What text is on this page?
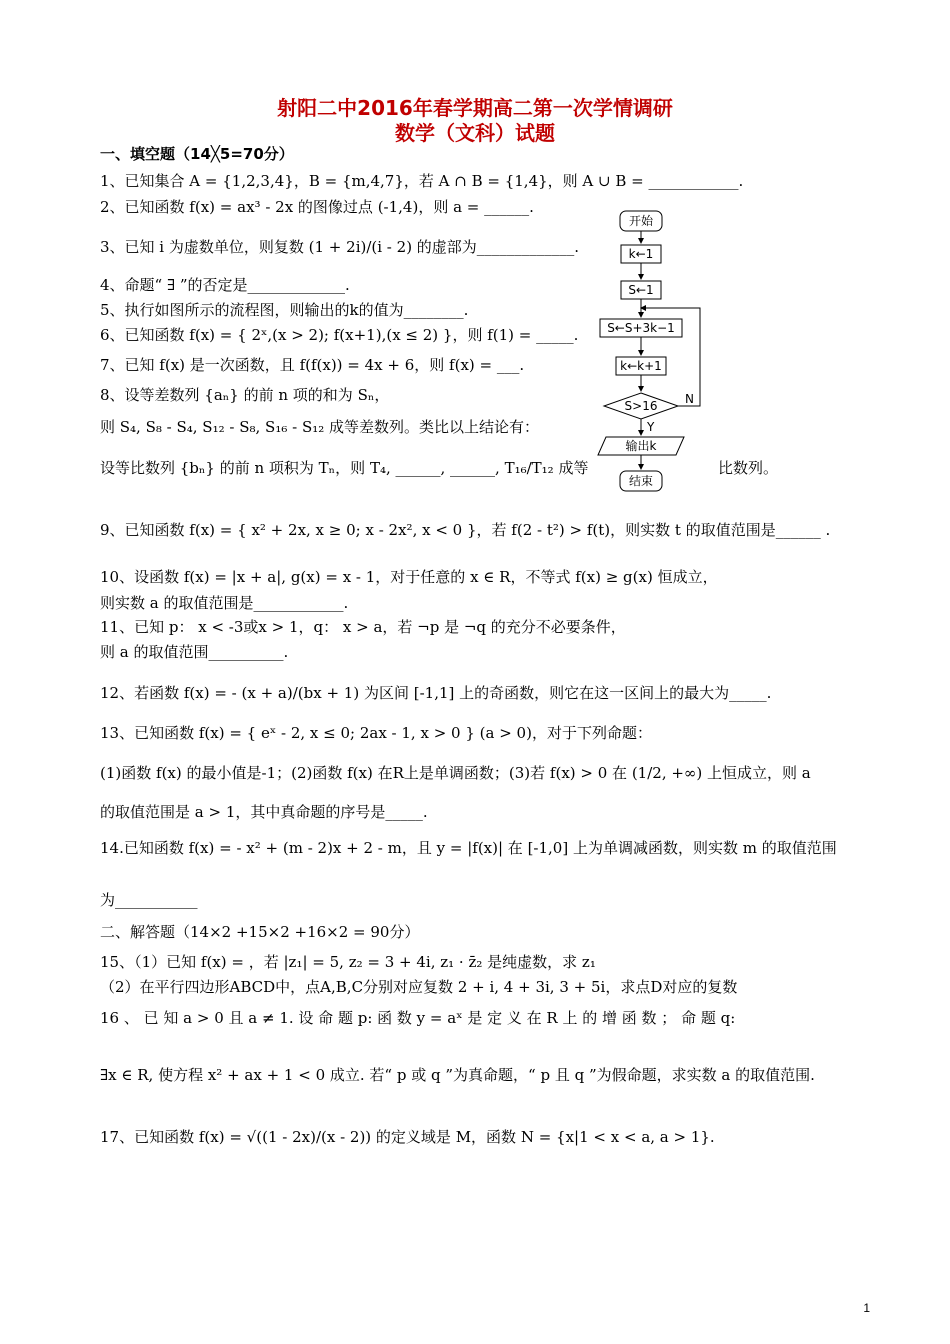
射阳二中2016年春学期高二第一次学情调研
数学（文科）试题
一、填空题（14╳5=70分）
1、已知集合 A = {1,2,3,4}，B = {m,4,7}，若 A ∩ B = {1,4}，则 A ∪ B = ____________.
2、已知函数 f(x) = ax³ - 2x 的图像过点 (-1,4)，则 a = ______.
3、已知 i 为虚数单位，则复数 (1 + 2i)/(i - 2) 的虚部为_____________.
4、命题“ ∃ ”的否定是_____________.
5、执行如图所示的流程图，则输出的k的值为________.
6、已知函数 f(x) = { 2ˣ,(x > 2); f(x+1),(x ≤ 2) }，则 f(1) = _____.
7、已知 f(x) 是一次函数，且 f(f(x)) = 4x + 6，则 f(x) = ___.
8、设等差数列 {aₙ} 的前 n 项的和为 Sₙ，
则 S₄, S₈ - S₄, S₁₂ - S₈, S₁₆ - S₁₂ 成等差数列。类比以上结论有：
设等比数列 {bₙ} 的前 n 项积为 Tₙ，则 T₄, ______, ______, T₁₆/T₁₂ 成等	比数列。
9、已知函数 f(x) = { x² + 2x, x ≥ 0; x - 2x², x < 0 }，若 f(2 - t²) > f(t)，则实数 t 的取值范围是______ .
10、设函数 f(x) = |x + a|, g(x) = x - 1，对于任意的 x ∈ R，不等式 f(x) ≥ g(x) 恒成立，
则实数 a 的取值范围是____________.
11、已知 p： x < -3或x > 1，q： x > a，若 ¬p 是 ¬q 的充分不必要条件，
则 a 的取值范围__________.
12、若函数 f(x) = - (x + a)/(bx + 1) 为区间 [-1,1] 上的奇函数，则它在这一区间上的最大为_____.
13、已知函数 f(x) = { eˣ - 2, x ≤ 0; 2ax - 1, x > 0 } (a > 0)，对于下列命题：
(1)函数 f(x) 的最小值是-1；(2)函数 f(x) 在R上是单调函数；(3)若 f(x) > 0 在 (1/2, +∞) 上恒成立，则 a
的取值范围是 a > 1，其中真命题的序号是_____.
14.已知函数 f(x) = - x² + (m - 2)x + 2 - m，且 y = |f(x)| 在 [-1,0] 上为单调减函数，则实数 m 的取值范围
为___________
二、解答题（14×2 +15×2 +16×2 = 90分）
15、（1）已知 f(x) = ，若 |z₁| = 5, z₂ = 3 + 4i, z₁ · z̄₂ 是纯虚数，求 z₁
（2）在平行四边形ABCD中，点A,B,C分别对应复数 2 + i, 4 + 3i, 3 + 5i，求点D对应的复数
16 、 已 知 a > 0 且 a ≠ 1. 设 命 题 p: 函 数 y = aˣ 是 定 义 在 R 上 的 增 函 数 ； 命 题 q:
∃x ∈ R, 使方程 x² + ax + 1 < 0 成立. 若“ p 或 q ”为真命题，“ p 且 q ”为假命题，求实数 a 的取值范围.
17、已知函数 f(x) = √((1 - 2x)/(x - 2)) 的定义域是 M，函数 N = {x|1 < x < a, a > 1}.
开始
k←1
S←1
S←S+3k−1
k←k+1
S>16 N
Y
输出k
结束
1
